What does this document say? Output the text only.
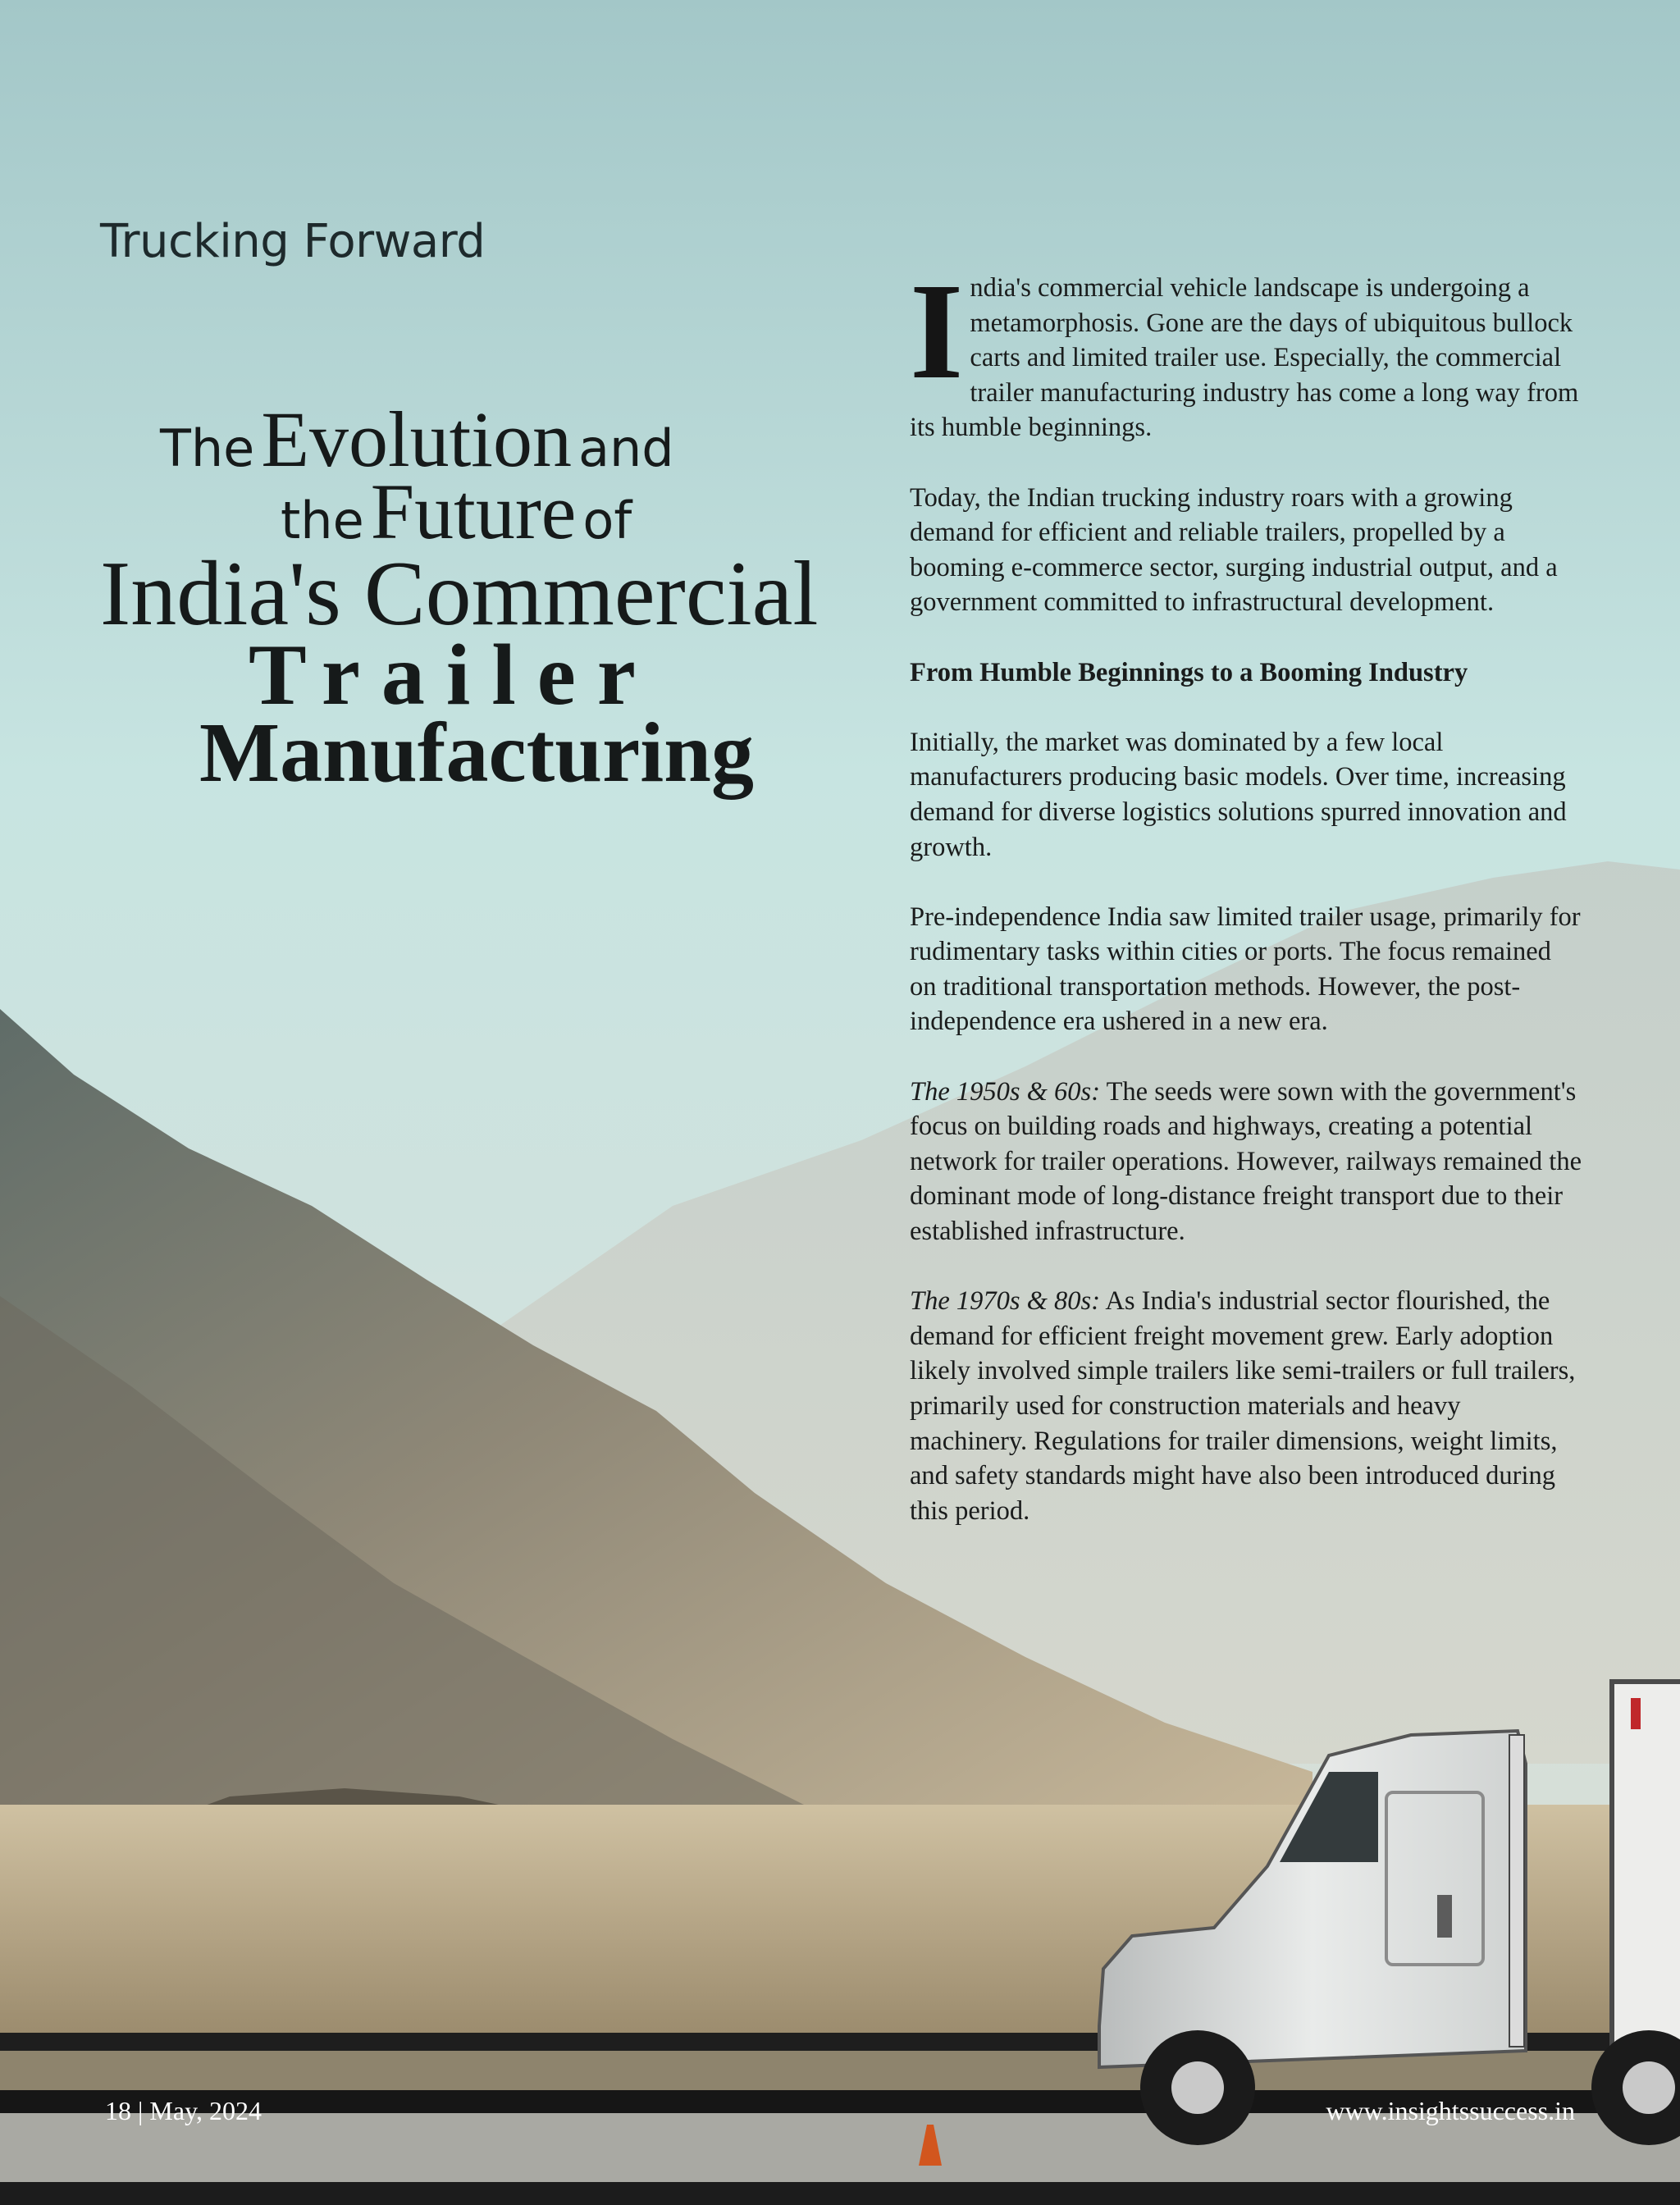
Trucking Forward
The Evolution and
the Future of
India's Commercial
Trailer
Manufacturing

India's commercial vehicle landscape is undergoing a metamorphosis. Gone are the days of ubiquitous bullock carts and limited trailer use. Especially, the commercial trailer manufacturing industry has come a long way from its humble beginnings.

Today, the Indian trucking industry roars with a growing demand for efficient and reliable trailers, propelled by a booming e-commerce sector, surging industrial output, and a government committed to infrastructural development.

From Humble Beginnings to a Booming Industry

Initially, the market was dominated by a few local manufacturers producing basic models. Over time, increasing demand for diverse logistics solutions spurred innovation and growth.

Pre-independence India saw limited trailer usage, primarily for rudimentary tasks within cities or ports. The focus remained on traditional transportation methods. However, the post-independence era ushered in a new era.

The 1950s & 60s: The seeds were sown with the government's focus on building roads and highways, creating a potential network for trailer operations. However, railways remained the dominant mode of long-distance freight transport due to their established infrastructure.

The 1970s & 80s: As India's industrial sector flourished, the demand for efficient freight movement grew. Early adoption likely involved simple trailers like semi-trailers or full trailers, primarily used for construction materials and heavy machinery. Regulations for trailer dimensions, weight limits, and safety standards might have also been introduced during this period.

18 | May, 2024	www.insightssuccess.in
